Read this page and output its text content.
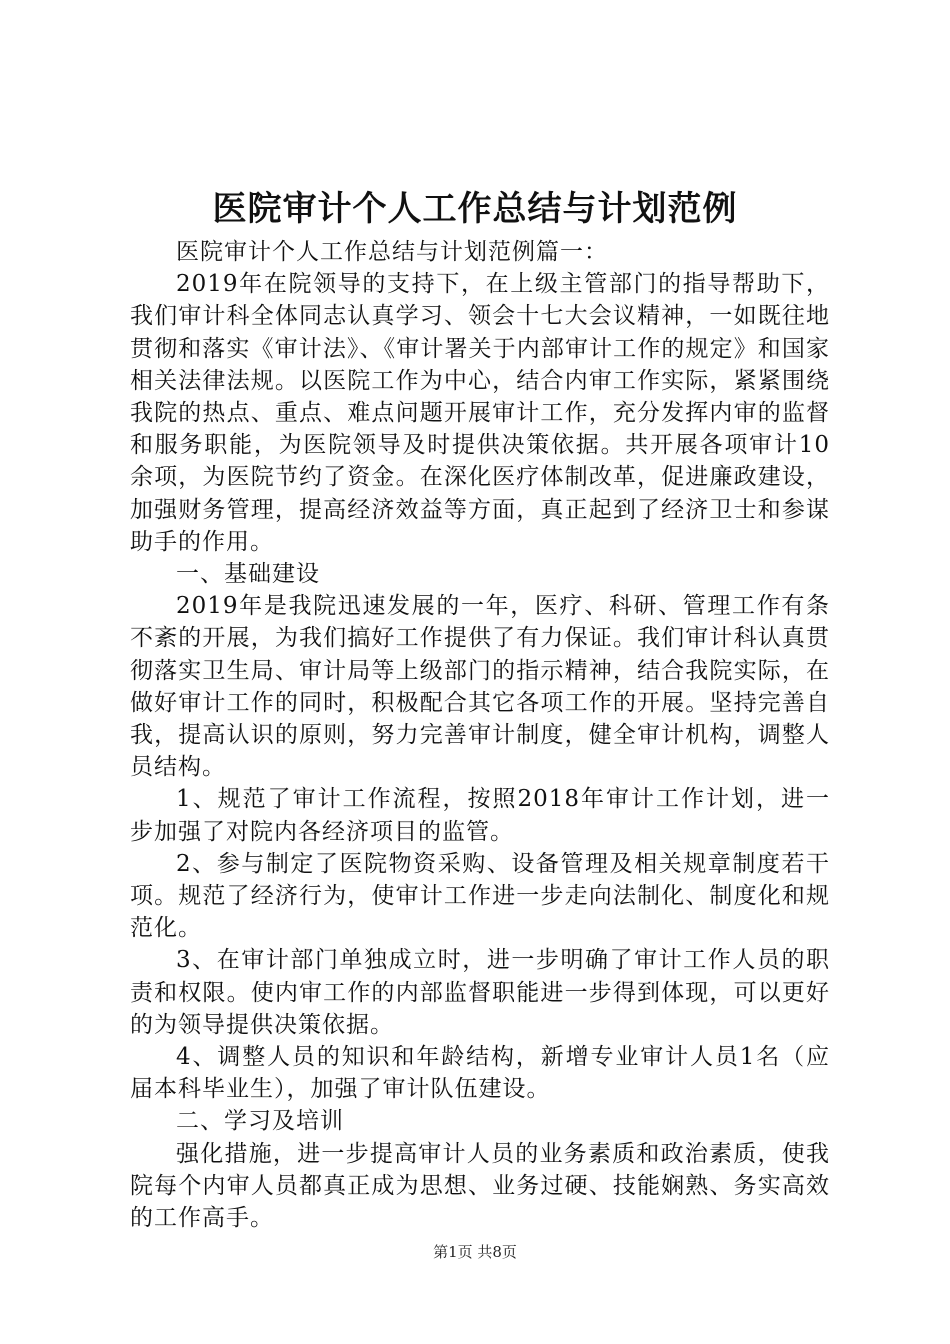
医院审计个人工作总结与计划范例

医院审计个人工作总结与计划范例篇一：

2019年在院领导的支持下，在上级主管部门的指导帮助下，我们审计科全体同志认真学习、领会十七大会议精神，一如既往地贯彻和落实《审计法》、《审计署关于内部审计工作的规定》和国家相关法律法规。以医院工作为中心，结合内审工作实际，紧紧围绕我院的热点、重点、难点问题开展审计工作，充分发挥内审的监督和服务职能，为医院领导及时提供决策依据。共开展各项审计10余项，为医院节约了资金。在深化医疗体制改革，促进廉政建设，加强财务管理，提高经济效益等方面，真正起到了经济卫士和参谋助手的作用。

一、基础建设

2019年是我院迅速发展的一年，医疗、科研、管理工作有条不紊的开展，为我们搞好工作提供了有力保证。我们审计科认真贯彻落实卫生局、审计局等上级部门的指示精神，结合我院实际，在做好审计工作的同时，积极配合其它各项工作的开展。坚持完善自我，提高认识的原则，努力完善审计制度，健全审计机构，调整人员结构。

1、规范了审计工作流程，按照2018年审计工作计划，进一步加强了对院内各经济项目的监管。

2、参与制定了医院物资采购、设备管理及相关规章制度若干项。规范了经济行为，使审计工作进一步走向法制化、制度化和规范化。

3、在审计部门单独成立时，进一步明确了审计工作人员的职责和权限。使内审工作的内部监督职能进一步得到体现，可以更好的为领导提供决策依据。

4、调整人员的知识和年龄结构，新增专业审计人员1名（应届本科毕业生），加强了审计队伍建设。

二、学习及培训

强化措施，进一步提高审计人员的业务素质和政治素质，使我院每个内审人员都真正成为思想、业务过硬、技能娴熟、务实高效的工作高手。

第1页 共8页
